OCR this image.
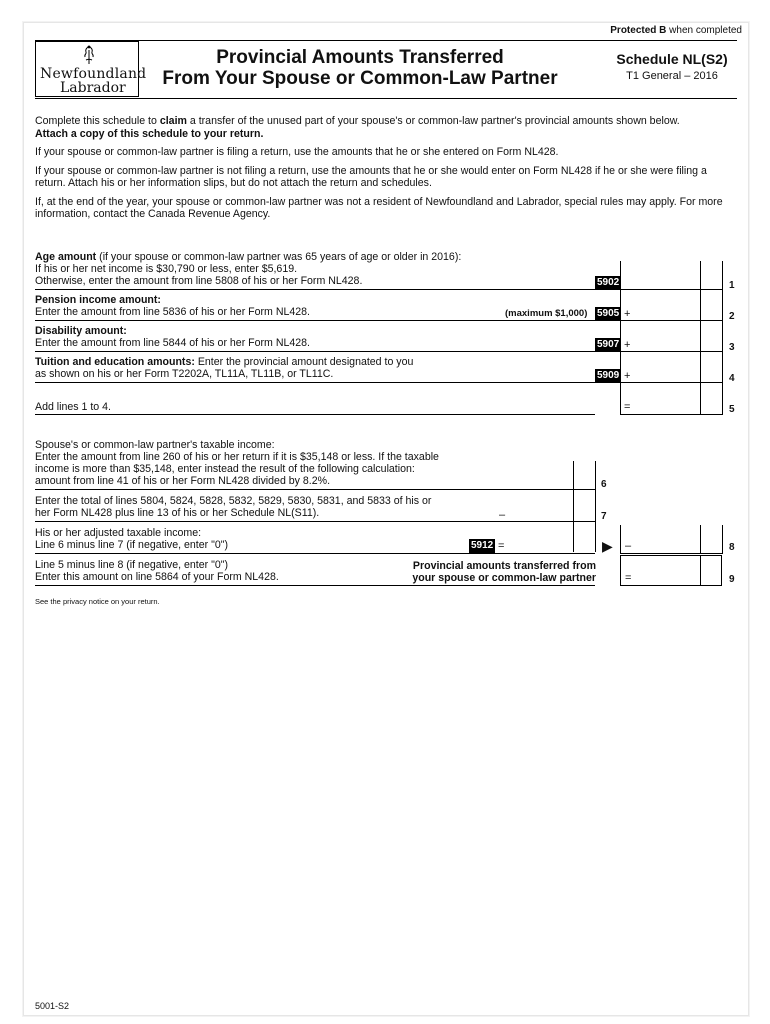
Protected B when completed
Newfoundland
Labrador
Provincial Amounts Transferred
From Your Spouse or Common-Law Partner
Schedule NL(S2)
T1 General – 2016

Complete this schedule to claim a transfer of the unused part of your spouse's or common-law partner's provincial amounts shown below.
Attach a copy of this schedule to your return.

If your spouse or common-law partner is filing a return, use the amounts that he or she entered on Form NL428.

If your spouse or common-law partner is not filing a return, use the amounts that he or she would enter on Form NL428 if he or she were filing a return. Attach his or her information slips, but do not attach the return and schedules.

If, at the end of the year, your spouse or common-law partner was not a resident of Newfoundland and Labrador, special rules may apply. For more information, contact the Canada Revenue Agency.

Age amount (if your spouse or common-law partner was 65 years of age or older in 2016):
If his or her net income is $30,790 or less, enter $5,619.
Otherwise, enter the amount from line 5808 of his or her Form NL428.	5902	1
Pension income amount:
Enter the amount from line 5836 of his or her Form NL428.	(maximum $1,000) 5905 +	2
Disability amount:
Enter the amount from line 5844 of his or her Form NL428.	5907 +	3
Tuition and education amounts: Enter the provincial amount designated to you
as shown on his or her Form T2202A, TL11A, TL11B, or TL11C.	5909 +	4
Add lines 1 to 4.	=	5
Spouse's or common-law partner's taxable income:
Enter the amount from line 260 of his or her return if it is $35,148 or less. If the taxable
income is more than $35,148, enter instead the result of the following calculation:
amount from line 41 of his or her Form NL428 divided by 8.2%.	6
Enter the total of lines 5804, 5824, 5828, 5832, 5829, 5830, 5831, and 5833 of his or
her Form NL428 plus line 13 of his or her Schedule NL(S11).	–	7
His or her adjusted taxable income:
Line 6 minus line 7 (if negative, enter "0")	5912 =	▶ –	8
Line 5 minus line 8 (if negative, enter "0")
Enter this amount on line 5864 of your Form NL428.
Provincial amounts transferred from
your spouse or common-law partner	=	9
See the privacy notice on your return.
5001-S2
